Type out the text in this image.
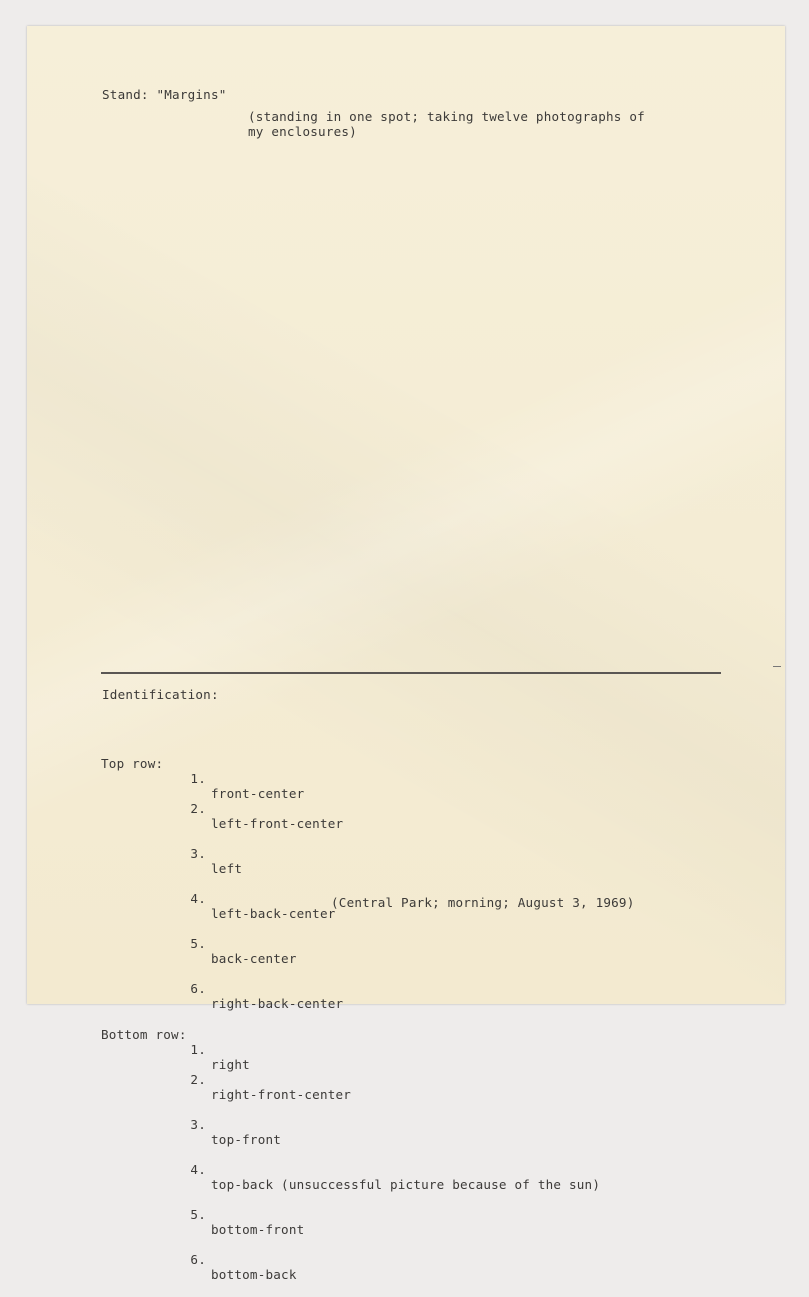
Stand: "Margins"
(standing in one spot; taking twelve photographs of
my enclosures)
Identification:

Top row:

1.

front-center

2.

left-front-center

3.

left

4.

left-back-center

5.

back-center

6.

right-back-center

Bottom row:

1.

right

2.

right-front-center

3.

top-front

4.

top-back (unsuccessful picture because of the sun)

5.

bottom-front

6.

bottom-back

(Central Park; morning; August 3, 1969)
